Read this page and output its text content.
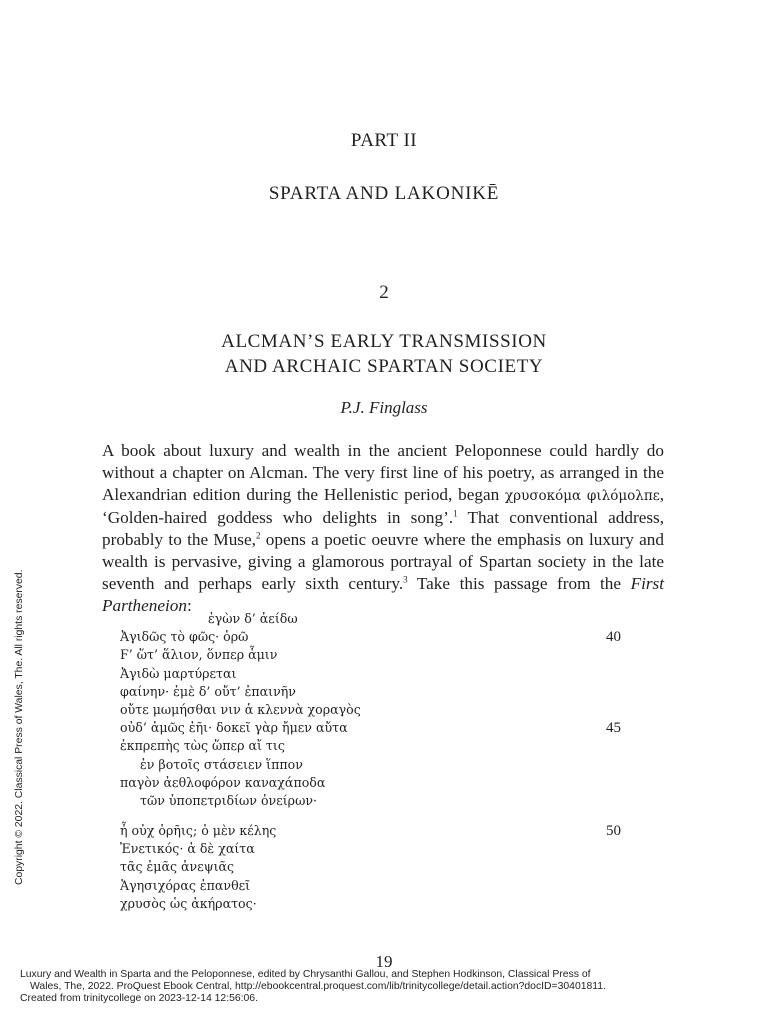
PART II
SPARTA AND LAKONIKĒ
2
ALCMAN’S EARLY TRANSMISSION
AND ARCHAIC SPARTAN SOCIETY
P.J. Finglass
A book about luxury and wealth in the ancient Peloponnese could hardly do without a chapter on Alcman. The very first line of his poetry, as arranged in the Alexandrian edition during the Hellenistic period, began χρυσοκόμα φιλόμολπε, ‘Golden-haired goddess who delights in song’.$^1$ That conventional address, probably to the Muse,$^2$ opens a poetic oeuvre where the emphasis on luxury and wealth is pervasive, giving a glamorous portrayal of Spartan society in the late seventh and perhaps early sixth century.$^3$ Take this passage from the First Partheneion:
ἐγὼν δ’ ἀείδω
Ἀγιδῶς τὸ φῶς· ὁρῶ	40
Ϝ’ ὥτ’ ἅλιον, ὅνπερ ἇμιν
Ἀγιδὼ μαρτύρεται
φαίνην· ἐμὲ δ’ οὔτ’ ἐπαινῆν
οὔτε μωμήσθαι νιν ἁ κλεννὰ χοραγὸς
οὐδ’ ἁμῶς ἐῆι· δοκεῖ γὰρ ἤμεν αὔτα	45
ἐκπρεπὴς τὼς ὥπερ αἴ τις
ἐν βοτοῖς στάσειεν ἵππον
παγὸν ἀεθλοφόρον καναχάποδα
τῶν ὑποπετριδίων ὀνείρων·
ἦ οὐχ ὁρῆις; ὁ μὲν κέλης	50
Ἐνετικός· ἁ δὲ χαίτα
τᾶς ἐμᾶς ἀνεψιᾶς
Ἁγησιχόρας ἐπανθεῖ
χρυσὸς ὡς ἀκήρατος·
19
Copyright © 2022. Classical Press of Wales, The. All rights reserved.
Luxury and Wealth in Sparta and the Peloponnese, edited by Chrysanthi Gallou, and Stephen Hodkinson, Classical Press of
Wales, The, 2022. ProQuest Ebook Central, http://ebookcentral.proquest.com/lib/trinitycollege/detail.action?docID=30401811.
Created from trinitycollege on 2023-12-14 12:56:06.
